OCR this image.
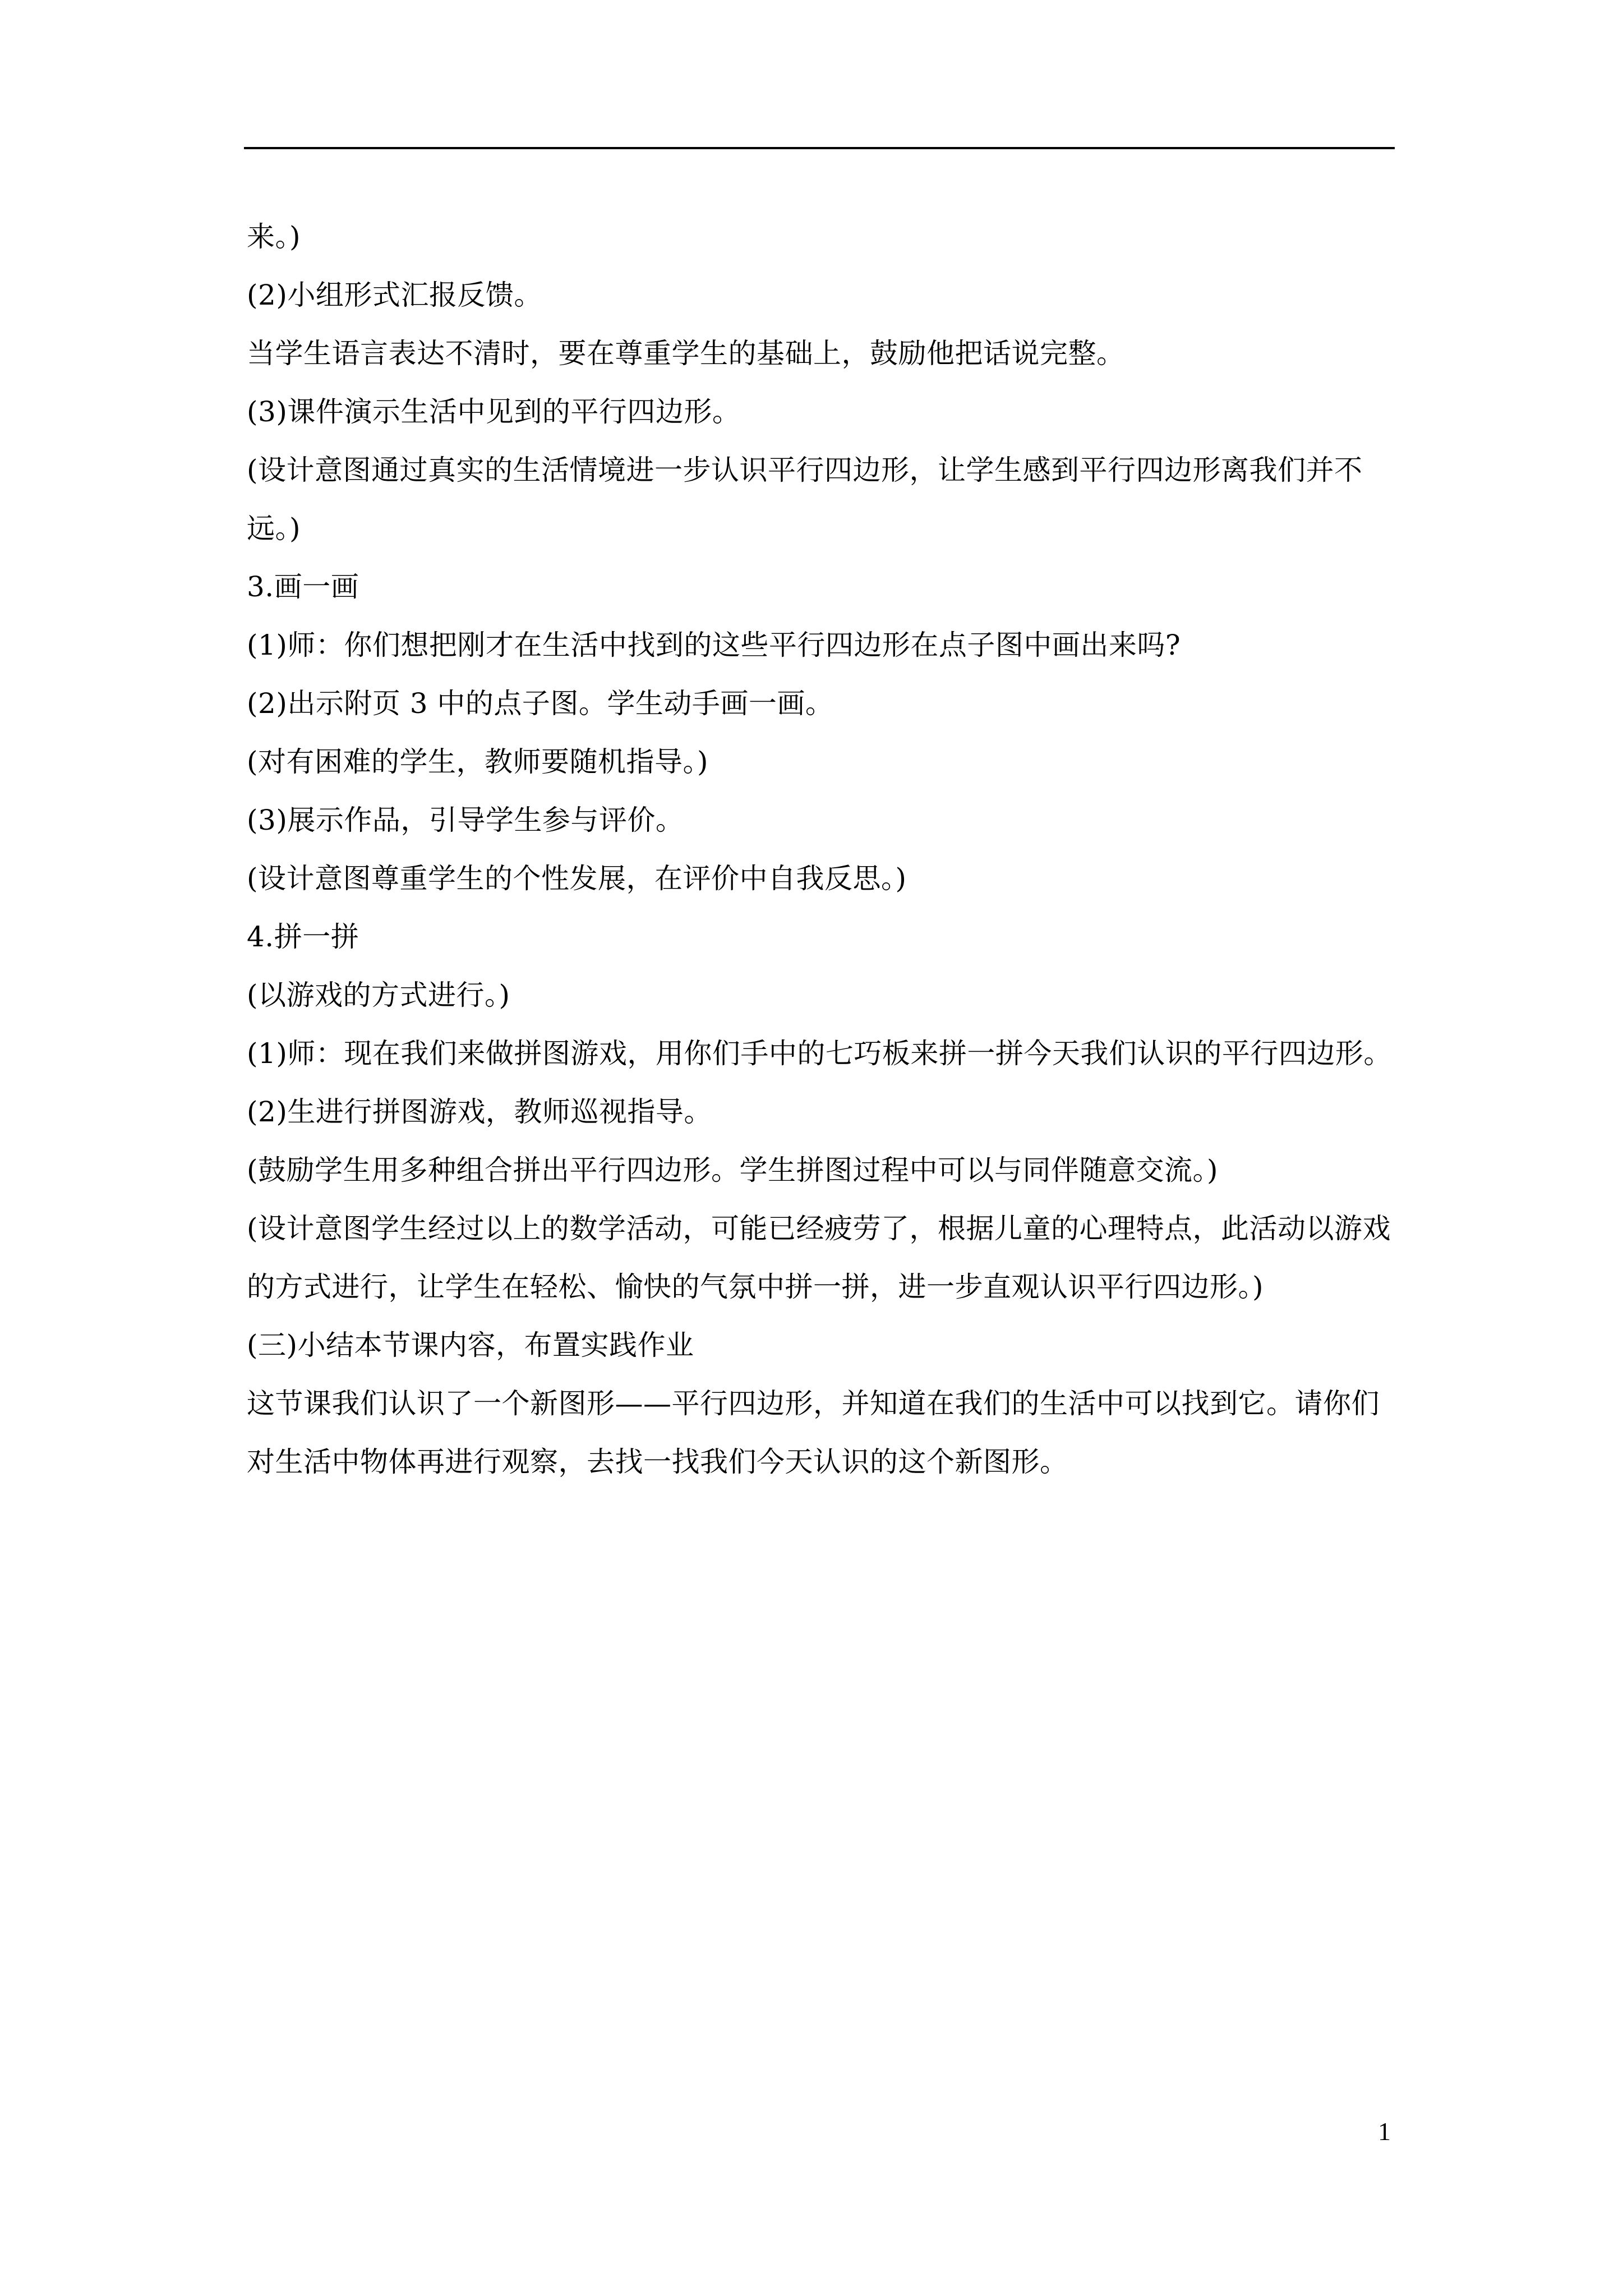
来。)

(2)小组形式汇报反馈。

当学生语言表达不清时，要在尊重学生的基础上，鼓励他把话说完整。

(3)课件演示生活中见到的平行四边形。

(设计意图通过真实的生活情境进一步认识平行四边形，让学生感到平行四边形离我们并不远。)

3.画一画

(1)师：你们想把刚才在生活中找到的这些平行四边形在点子图中画出来吗?

(2)出示附页 3 中的点子图。学生动手画一画。

(对有困难的学生，教师要随机指导。)

(3)展示作品，引导学生参与评价。

(设计意图尊重学生的个性发展，在评价中自我反思。)

4.拼一拼

(以游戏的方式进行。)

(1)师：现在我们来做拼图游戏，用你们手中的七巧板来拼一拼今天我们认识的平行四边形。

(2)生进行拼图游戏，教师巡视指导。

(鼓励学生用多种组合拼出平行四边形。学生拼图过程中可以与同伴随意交流。)

(设计意图学生经过以上的数学活动，可能已经疲劳了，根据儿童的心理特点，此活动以游戏的方式进行，让学生在轻松、愉快的气氛中拼一拼，进一步直观认识平行四边形。)

(三)小结本节课内容，布置实践作业

这节课我们认识了一个新图形——平行四边形，并知道在我们的生活中可以找到它。请你们对生活中物体再进行观察，去找一找我们今天认识的这个新图形。

1
